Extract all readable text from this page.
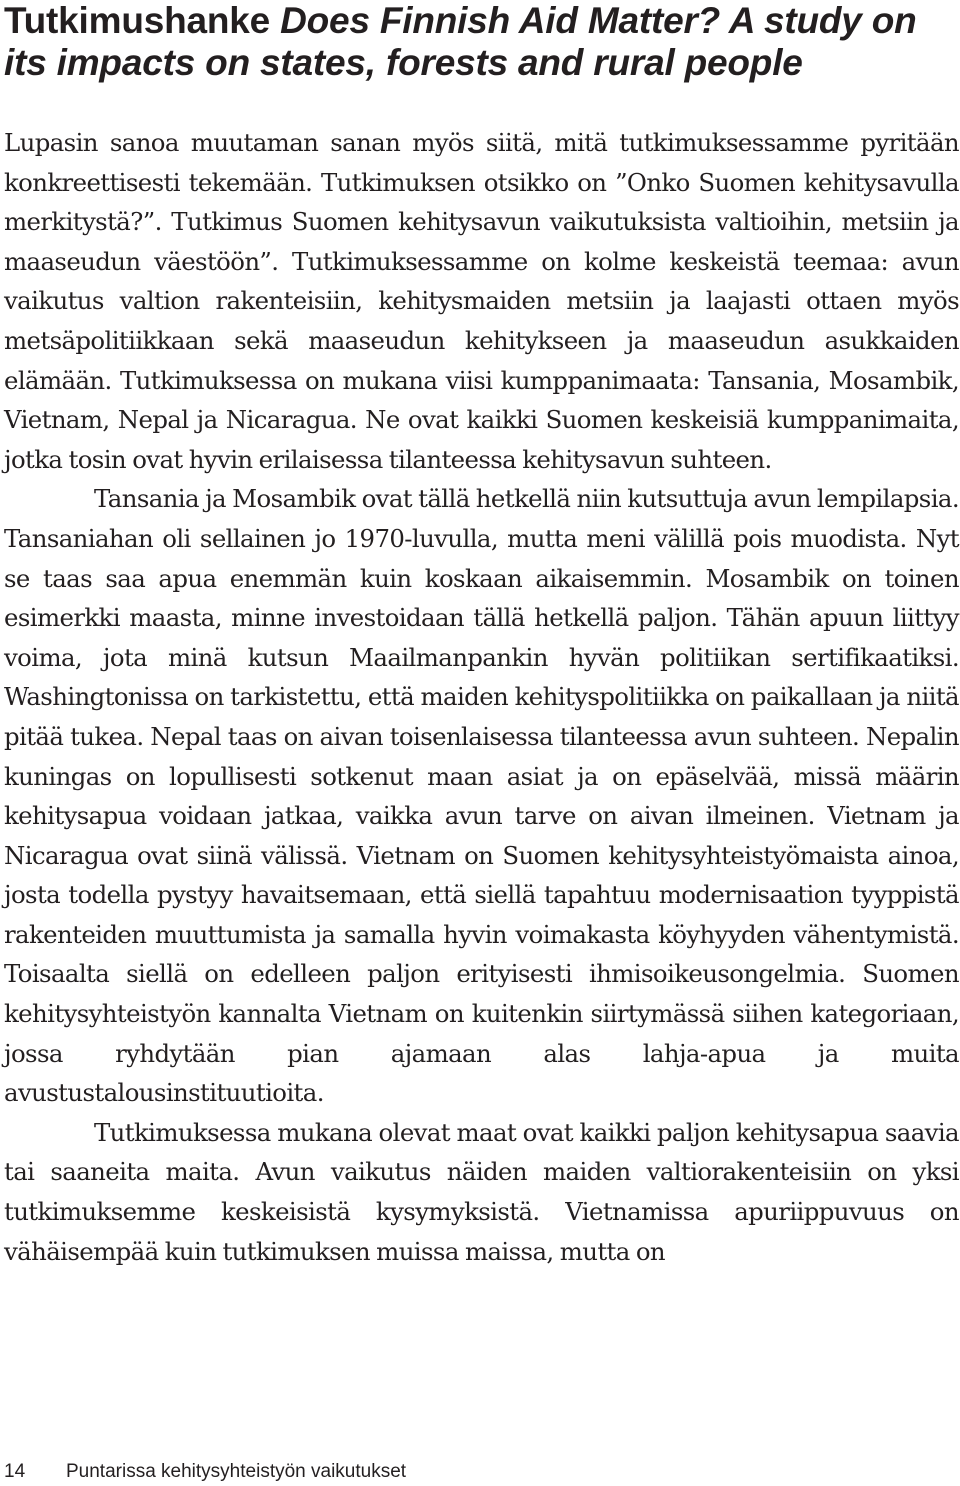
Tutkimushanke Does Finnish Aid Matter? A study on its impacts on states, forests and rural people

Lupasin sanoa muutaman sanan myös siitä, mitä tutkimuksessamme pyritään konkreettisesti tekemään. Tutkimuksen otsikko on ”Onko Suomen kehitysavulla merkitystä?”. Tutkimus Suomen kehitysavun vaikutuksista valtioihin, metsiin ja maaseudun väestöön”. Tutkimuksessamme on kolme keskeistä teemaa: avun vaikutus valtion rakenteisiin, kehitysmaiden metsiin ja laajasti ottaen myös metsäpolitiikkaan sekä maaseudun kehitykseen ja maaseudun asukkaiden elämään. Tutkimuksessa on mukana viisi kumppanimaata: Tansania, Mosambik, Vietnam, Nepal ja Nicaragua. Ne ovat kaikki Suomen keskeisiä kumppanimaita, jotka tosin ovat hyvin erilaisessa tilanteessa kehitysavun suhteen.

Tansania ja Mosambik ovat tällä hetkellä niin kutsuttuja avun lempilapsia. Tansaniahan oli sellainen jo 1970-luvulla, mutta meni välillä pois muodista. Nyt se taas saa apua enemmän kuin koskaan aikaisemmin. Mosambik on toinen esimerkki maasta, minne investoidaan tällä hetkellä paljon. Tähän apuun liittyy voima, jota minä kutsun Maailmanpankin hyvän politiikan sertifikaatiksi. Washingtonissa on tarkistettu, että maiden kehityspolitiikka on paikallaan ja niitä pitää tukea. Nepal taas on aivan toisenlaisessa tilanteessa avun suhteen. Nepalin kuningas on lopullisesti sotkenut maan asiat ja on epäselvää, missä määrin kehitysapua voidaan jatkaa, vaikka avun tarve on aivan ilmeinen. Vietnam ja Nicaragua ovat siinä välissä. Vietnam on Suomen kehitysyhteistyömaista ainoa, josta todella pystyy havaitsemaan, että siellä tapahtuu modernisaation tyyppistä rakenteiden muuttumista ja samalla hyvin voimakasta köyhyyden vähentymistä. Toisaalta siellä on edelleen paljon erityisesti ihmisoikeusongelmia. Suomen kehitysyhteistyön kannalta Vietnam on kuitenkin siirtymässä siihen kategoriaan, jossa ryhdytään pian ajamaan alas lahja-apua ja muita avustustalousinstituutioita.

Tutkimuksessa mukana olevat maat ovat kaikki paljon kehitysapua saavia tai saaneita maita. Avun vaikutus näiden maiden valtiorakenteisiin on yksi tutkimuksemme keskeisistä kysymyksistä. Vietnamissa apuriippuvuus on vähäisempää kuin tutkimuksen muissa maissa, mutta on

14 Puntarissa kehitysyhteistyön vaikutukset
